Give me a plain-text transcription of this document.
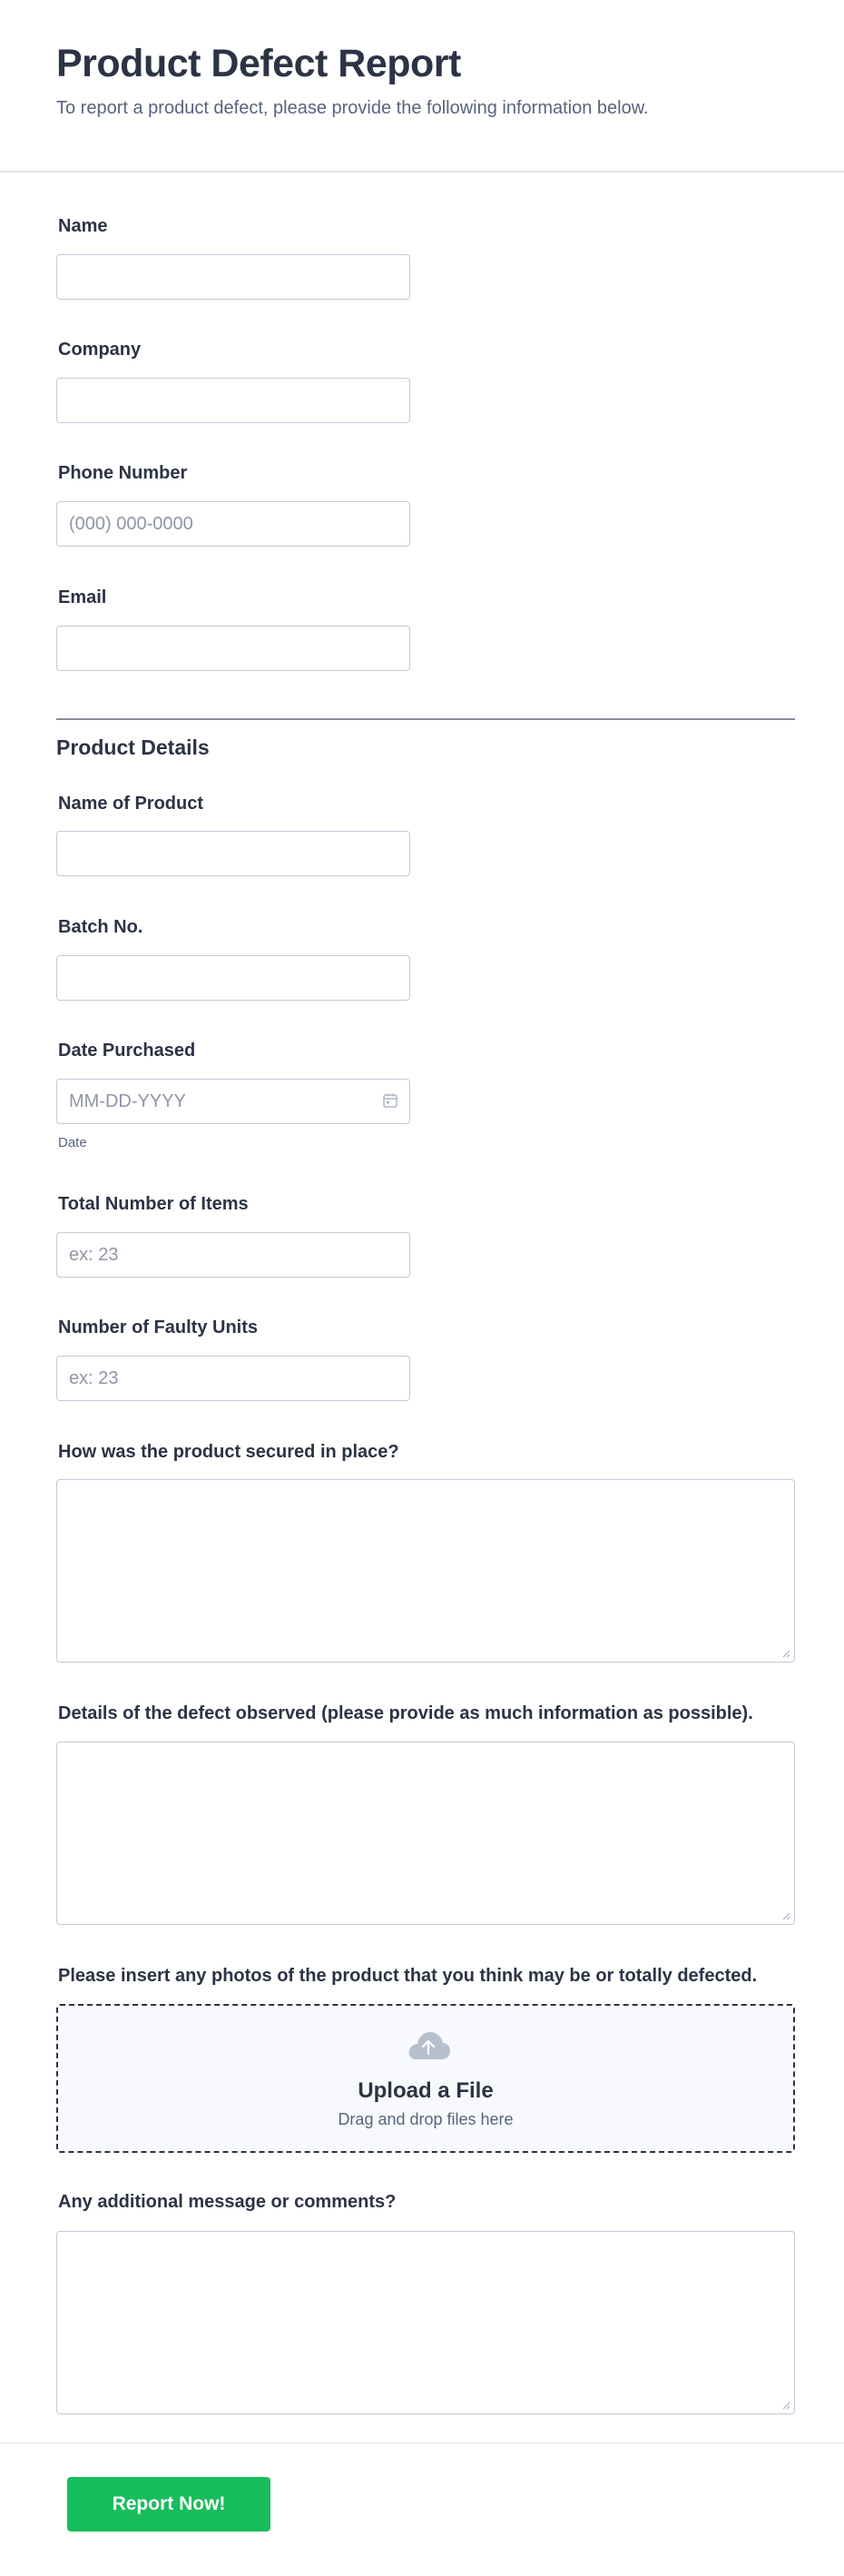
Product Defect Report

To report a product defect, please provide the following information below.

Name
Company
Phone Number
(000) 000-0000
Email
Product Details
Name of Product
Batch No.
Date Purchased
MM-DD-YYYY
Date
Total Number of Items
ex: 23
Number of Faulty Units
ex: 23
How was the product secured in place?
Details of the defect observed (please provide as much information as possible).
Please insert any photos of the product that you think may be or totally defected.
Upload a File
Drag and drop files here
Any additional message or comments?
Report Now!
